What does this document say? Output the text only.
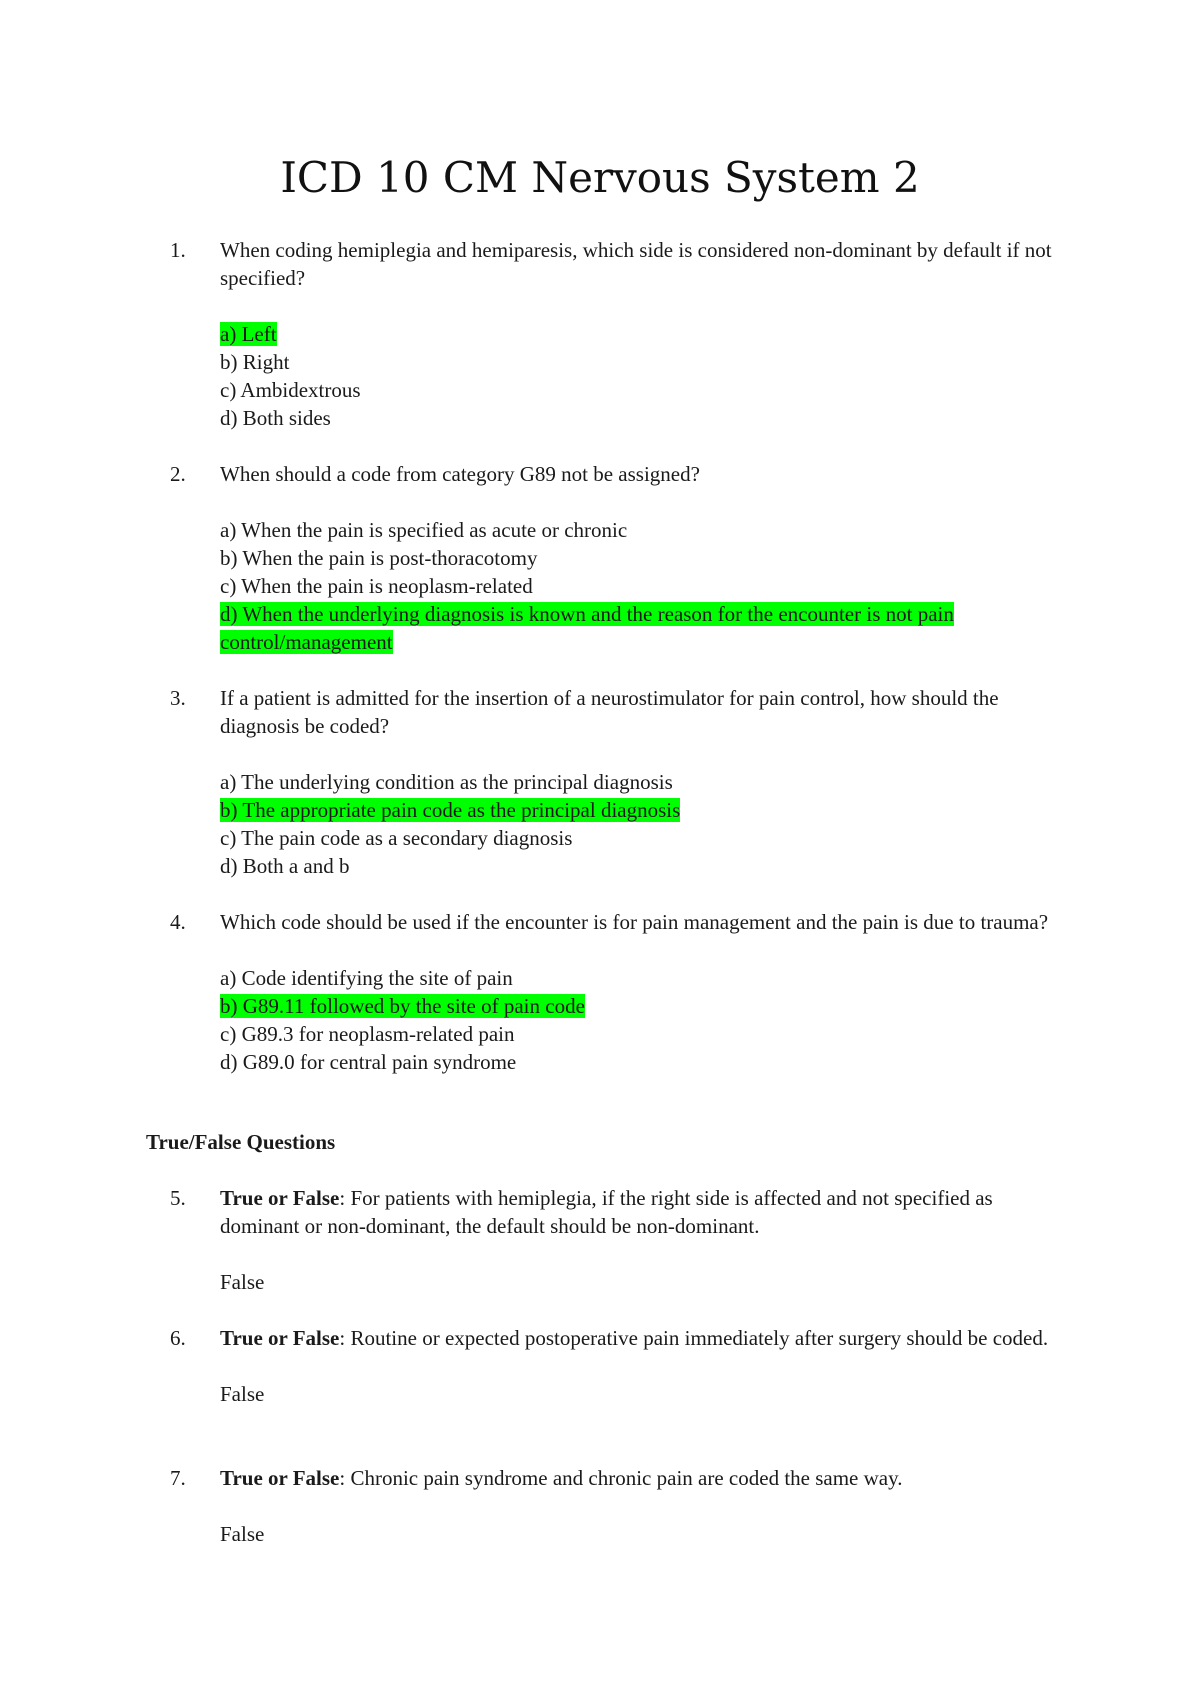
ICD 10 CM Nervous System 2
1.	When coding hemiplegia and hemiparesis, which side is considered non-dominant by default if not specified?
a) Left
b) Right
c) Ambidextrous
d) Both sides
2.	When should a code from category G89 not be assigned?
a) When the pain is specified as acute or chronic
b) When the pain is post-thoracotomy
c) When the pain is neoplasm-related
d) When the underlying diagnosis is known and the reason for the encounter is not pain control/management
3.	If a patient is admitted for the insertion of a neurostimulator for pain control, how should the diagnosis be coded?
a) The underlying condition as the principal diagnosis
b) The appropriate pain code as the principal diagnosis
c) The pain code as a secondary diagnosis
d) Both a and b
4.	Which code should be used if the encounter is for pain management and the pain is due to trauma?
a) Code identifying the site of pain
b) G89.11 followed by the site of pain code
c) G89.3 for neoplasm-related pain
d) G89.0 for central pain syndrome
True/False Questions
5.	True or False: For patients with hemiplegia, if the right side is affected and not specified as dominant or non-dominant, the default should be non-dominant.
False
6.	True or False: Routine or expected postoperative pain immediately after surgery should be coded.
False
7.	True or False: Chronic pain syndrome and chronic pain are coded the same way.
False
